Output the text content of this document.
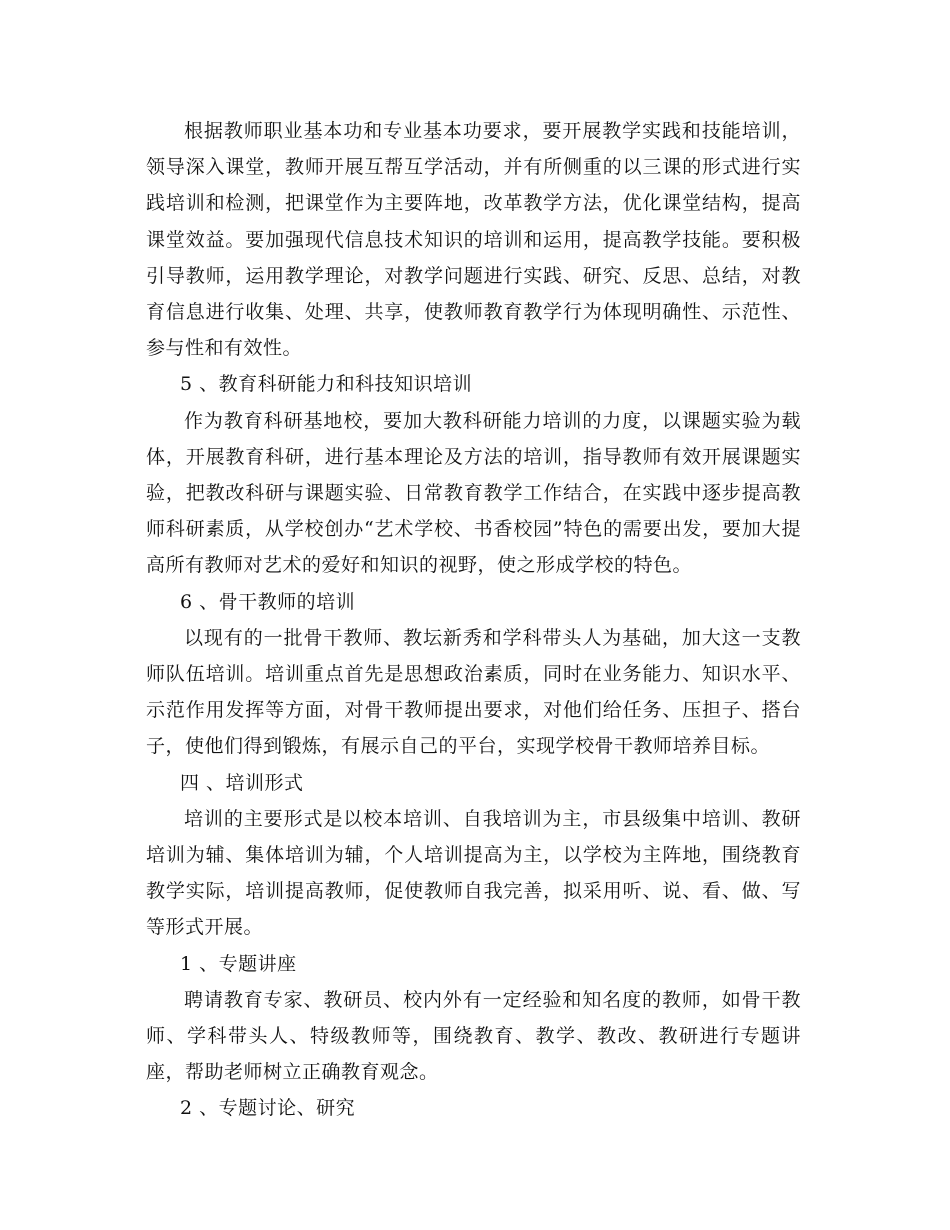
根据教师职业基本功和专业基本功要求，要开展教学实践和技能培训，领导深入课堂，教师开展互帮互学活动，并有所侧重的以三课的形式进行实践培训和检测，把课堂作为主要阵地，改革教学方法，优化课堂结构，提高课堂效益。要加强现代信息技术知识的培训和运用，提高教学技能。要积极引导教师，运用教学理论，对教学问题进行实践、研究、反思、总结，对教育信息进行收集、处理、共享，使教师教育教学行为体现明确性、示范性、参与性和有效性。

5 、教育科研能力和科技知识培训

作为教育科研基地校，要加大教科研能力培训的力度，以课题实验为载体，开展教育科研，进行基本理论及方法的培训，指导教师有效开展课题实验，把教改科研与课题实验、日常教育教学工作结合，在实践中逐步提高教师科研素质，从学校创办“艺术学校、书香校园”特色的需要出发，要加大提高所有教师对艺术的爱好和知识的视野，使之形成学校的特色。

6 、骨干教师的培训

以现有的一批骨干教师、教坛新秀和学科带头人为基础，加大这一支教师队伍培训。培训重点首先是思想政治素质，同时在业务能力、知识水平、示范作用发挥等方面，对骨干教师提出要求，对他们给任务、压担子、搭台子，使他们得到锻炼，有展示自己的平台，实现学校骨干教师培养目标。

四 、培训形式

培训的主要形式是以校本培训、自我培训为主，市县级集中培训、教研培训为辅、集体培训为辅，个人培训提高为主，以学校为主阵地，围绕教育教学实际，培训提高教师，促使教师自我完善，拟采用听、说、看、做、写等形式开展。

1 、专题讲座

聘请教育专家、教研员、校内外有一定经验和知名度的教师，如骨干教师、学科带头人、特级教师等，围绕教育、教学、教改、教研进行专题讲座，帮助老师树立正确教育观念。

2 、专题讨论、研究
